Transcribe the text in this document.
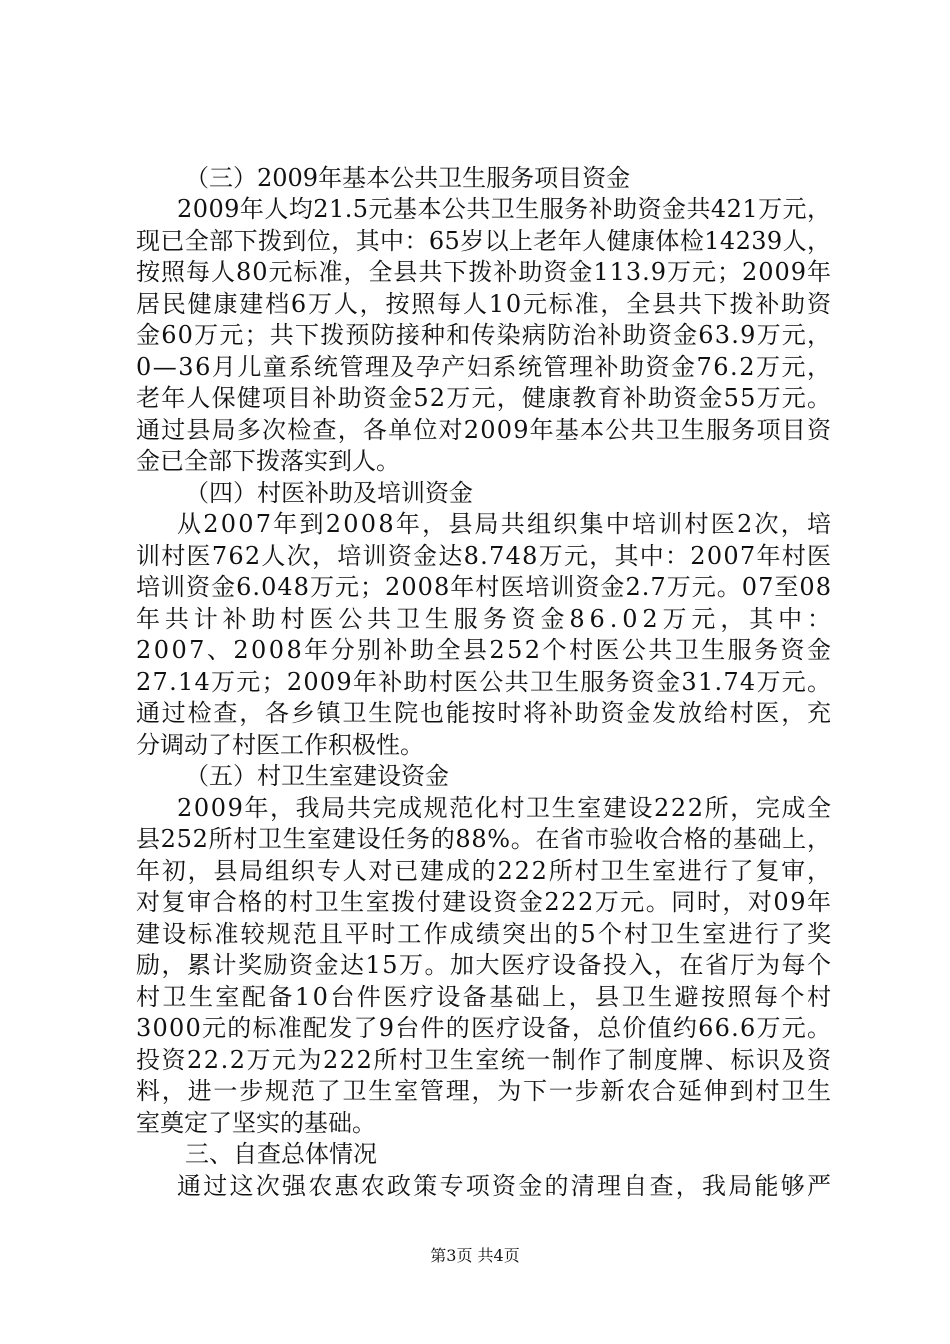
（三）2009年基本公共卫生服务项目资金
2009年人均21.5元基本公共卫生服务补助资金共421万元，
现已全部下拨到位，其中：65岁以上老年人健康体检14239人，
按照每人80元标准，全县共下拨补助资金113.9万元；2009年
居民健康建档6万人，按照每人10元标准，全县共下拨补助资
金60万元；共下拨预防接种和传染病防治补助资金63.9万元，
0—36月儿童系统管理及孕产妇系统管理补助资金76.2万元，
老年人保健项目补助资金52万元，健康教育补助资金55万元。
通过县局多次检查，各单位对2009年基本公共卫生服务项目资
金已全部下拨落实到人。
（四）村医补助及培训资金
从2007年到2008年，县局共组织集中培训村医2次，培
训村医762人次，培训资金达8.748万元，其中：2007年村医
培训资金6.048万元；2008年村医培训资金2.7万元。07至08
年共计补助村医公共卫生服务资金86.02万元，其中：
2007、2008年分别补助全县252个村医公共卫生服务资金
27.14万元；2009年补助村医公共卫生服务资金31.74万元。
通过检查，各乡镇卫生院也能按时将补助资金发放给村医，充
分调动了村医工作积极性。
（五）村卫生室建设资金
2009年，我局共完成规范化村卫生室建设222所，完成全
县252所村卫生室建设任务的88%。在省市验收合格的基础上，
年初，县局组织专人对已建成的222所村卫生室进行了复审，
对复审合格的村卫生室拨付建设资金222万元。同时，对09年
建设标准较规范且平时工作成绩突出的5个村卫生室进行了奖
励，累计奖励资金达15万。加大医疗设备投入，在省厅为每个
村卫生室配备10台件医疗设备基础上，县卫生避按照每个村
3000元的标准配发了9台件的医疗设备，总价值约66.6万元。
投资22.2万元为222所村卫生室统一制作了制度牌、标识及资
料，进一步规范了卫生室管理，为下一步新农合延伸到村卫生
室奠定了坚实的基础。
三、自查总体情况
通过这次强农惠农政策专项资金的清理自查，我局能够严
第3页 共4页
